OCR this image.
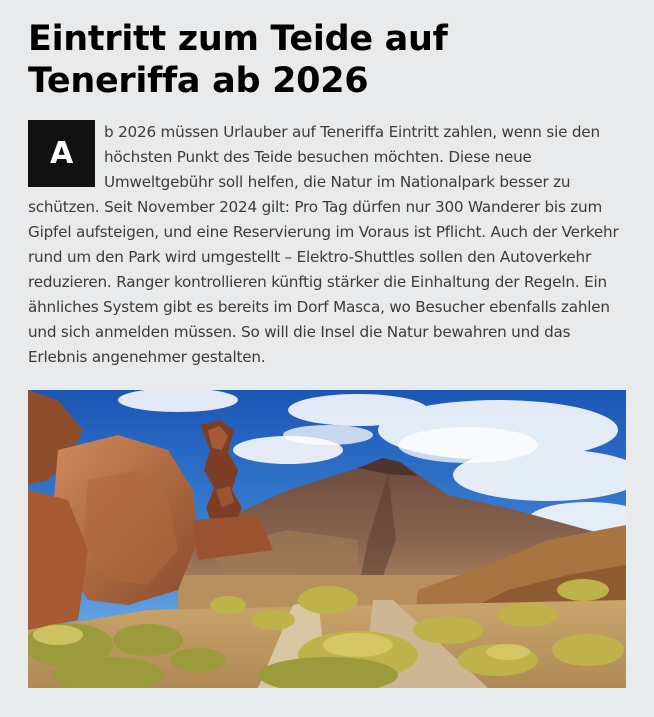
Eintritt zum Teide auf Teneriffa ab 2026

A
b 2026 müssen Urlauber auf Teneriffa Eintritt zahlen, wenn sie den höchsten Punkt des Teide besuchen möchten. Diese neue Umweltgebühr soll helfen, die Natur im Nationalpark besser zu schützen. Seit November 2024 gilt: Pro Tag dürfen nur 300 Wanderer bis zum Gipfel aufsteigen, und eine Reservierung im Voraus ist Pflicht. Auch der Verkehr rund um den Park wird umgestellt – Elektro-Shuttles sollen den Autoverkehr reduzieren. Ranger kontrollieren künftig stärker die Einhaltung der Regeln. Ein ähnliches System gibt es bereits im Dorf Masca, wo Besucher ebenfalls zahlen und sich anmelden müssen. So will die Insel die Natur bewahren und das Erlebnis angenehmer gestalten.
